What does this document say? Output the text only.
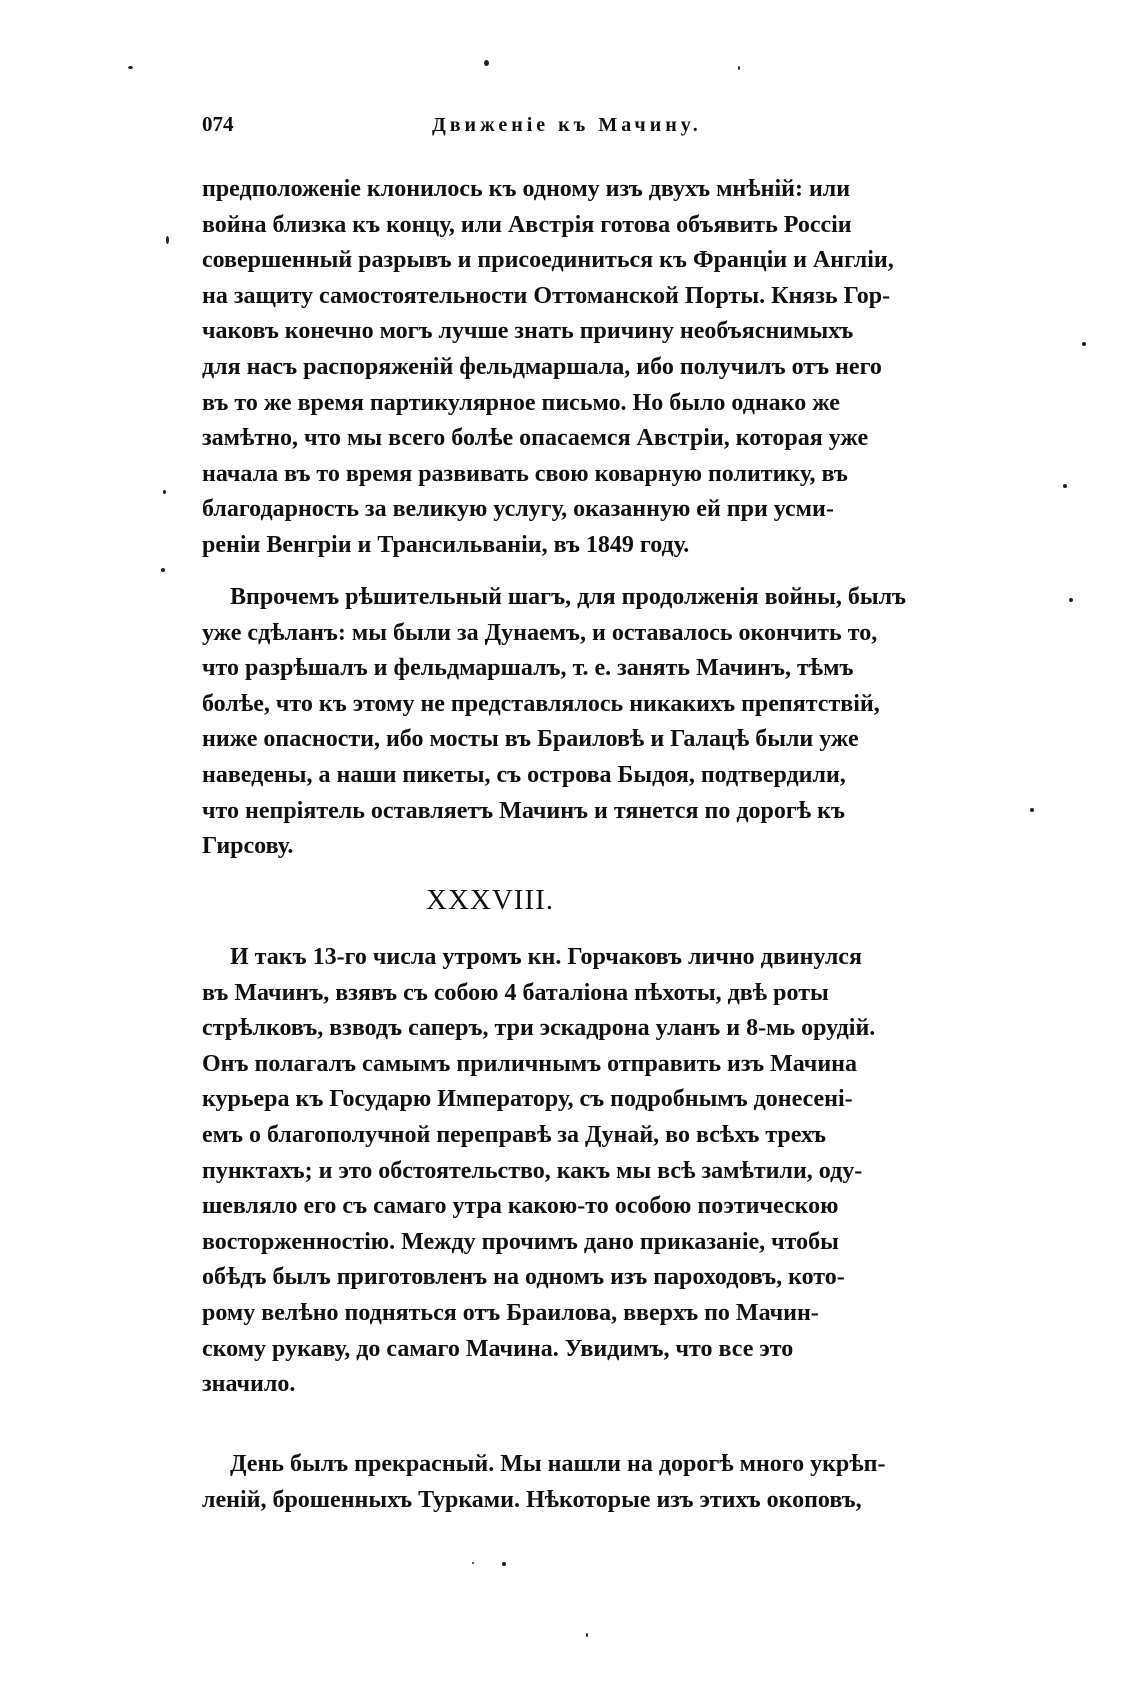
074	Движеніе къ Мачину.
предположеніе клонилось къ одному изъ двухъ мнѣній: или
война близка къ концу, или Австрія готова объявить Россіи
совершенный разрывъ и присоединиться къ Франціи и Англіи,
на защиту самостоятельности Оттоманской Порты. Князь Гор-
чаковъ конечно могъ лучше знать причину необъяснимыхъ
для насъ распоряженій фельдмаршала, ибо получилъ отъ него
въ то же время партикулярное письмо. Но было однако же
замѣтно, что мы всего болѣе опасаемся Австріи, которая уже
начала въ то время развивать свою коварную политику, въ
благодарность за великую услугу, оказанную ей при усми-
реніи Венгріи и Трансильваніи, въ 1849 году.
Впрочемъ рѣшительный шагъ, для продолженія войны, былъ
уже сдѣланъ: мы были за Дунаемъ, и оставалось окончить то,
что разрѣшалъ и фельдмаршалъ, т. е. занять Мачинъ, тѣмъ
болѣе, что къ этому не представлялось никакихъ препятствій,
ниже опасности, ибо мосты въ Браиловѣ и Галацѣ были уже
наведены, а наши пикеты, съ острова Быдоя, подтвердили,
что непріятель оставляетъ Мачинъ и тянется по дорогѣ къ
Гирсову.
XXXVIII.
И такъ 13-го числа утромъ кн. Горчаковъ лично двинулся
въ Мачинъ, взявъ съ собою 4 баталіона пѣхоты, двѣ роты
стрѣлковъ, взводъ саперъ, три эскадрона уланъ и 8-мь орудій.
Онъ полагалъ самымъ приличнымъ отправить изъ Мачина
курьера къ Государю Императору, съ подробнымъ донесені-
емъ о благополучной переправѣ за Дунай, во всѣхъ трехъ
пунктахъ; и это обстоятельство, какъ мы всѣ замѣтили, оду-
шевляло его съ самаго утра какою-то особою поэтическою
восторженностію. Между прочимъ дано приказаніе, чтобы
обѣдъ былъ приготовленъ на одномъ изъ пароходовъ, кото-
рому велѣно подняться отъ Браилова, вверхъ по Мачин-
скому рукаву, до самаго Мачина. Увидимъ, что все это
значило.
День былъ прекрасный. Мы нашли на дорогѣ много укрѣп-
леній, брошенныхъ Турками. Нѣкоторые изъ этихъ окоповъ,
